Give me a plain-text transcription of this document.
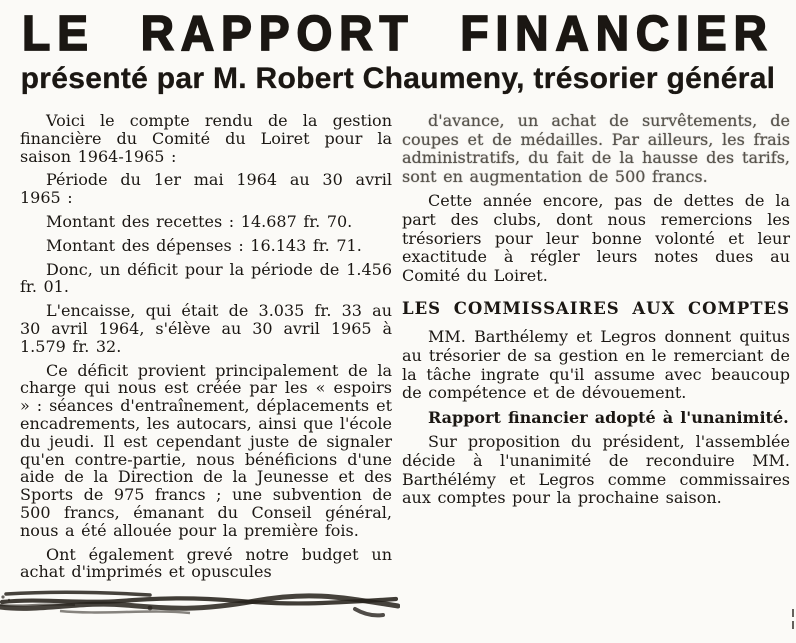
LE RAPPORT FINANCIER
présenté par M. Robert Chaumeny, trésorier général

Voici le compte rendu de la gestion financière du Comité du Loiret pour la saison 1964-1965 :

Période du 1er mai 1964 au 30 avril 1965 :

Montant des recettes : 14.687 fr. 70.

Montant des dépenses : 16.143 fr. 71.

Donc, un déficit pour la période de 1.456 fr. 01.

L'encaisse, qui était de 3.035 fr. 33 au 30 avril 1964, s'élève au 30 avril 1965 à 1.579 fr. 32.

Ce déficit provient principalement de la charge qui nous est créée par les « espoirs » : séances d'entraînement, déplacements et encadrements, les autocars, ainsi que l'école du jeudi. Il est cependant juste de signaler qu'en contre-partie, nous bénéficions d'une aide de la Direction de la Jeunesse et des Sports de 975 francs ; une subvention de 500 francs, émanant du Conseil général, nous a été allouée pour la première fois.

Ont également grevé notre budget un achat d'imprimés et opuscules

d'avance, un achat de survêtements, de coupes et de médailles. Par ailleurs, les frais administratifs, du fait de la hausse des tarifs, sont en augmentation de 500 francs.

Cette année encore, pas de dettes de la part des clubs, dont nous remercions les trésoriers pour leur bonne volonté et leur exactitude à régler leurs notes dues au Comité du Loiret.

LES COMMISSAIRES AUX COMPTES

MM. Barthélemy et Legros donnent quitus au trésorier de sa gestion en le remerciant de la tâche ingrate qu'il assume avec beaucoup de compétence et de dévouement.

Rapport financier adopté à l'unanimité.

Sur proposition du président, l'assemblée décide à l'unanimité de reconduire MM. Barthélémy et Legros comme commissaires aux comptes pour la prochaine saison.
